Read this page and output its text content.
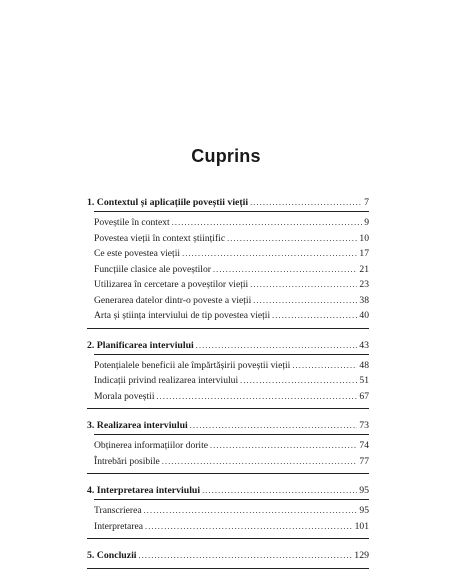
Cuprins
1. Contextul și aplicațiile poveștii vieții .....	7
Poveștile în context .....	9
Povestea vieții în context științific .....	10
Ce este povestea vieții .....	17
Funcțiile clasice ale poveștilor .....	21
Utilizarea în cercetare a poveștilor vieții .....	23
Generarea datelor dintr-o poveste a vieții .....	38
Arta și știința interviului de tip povestea vieții .....	40
2. Planificarea interviului .....	43
Potențialele beneficii ale împărtășirii poveștii vieții .....	48
Indicații privind realizarea interviului .....	51
Morala poveștii .....	67
3. Realizarea interviului .....	73
Obținerea informațiilor dorite .....	74
Întrebări posibile .....	77
4. Interpretarea interviului .....	95
Transcrierea .....	95
Interpretarea .....	101
5. Concluzii .....	129
